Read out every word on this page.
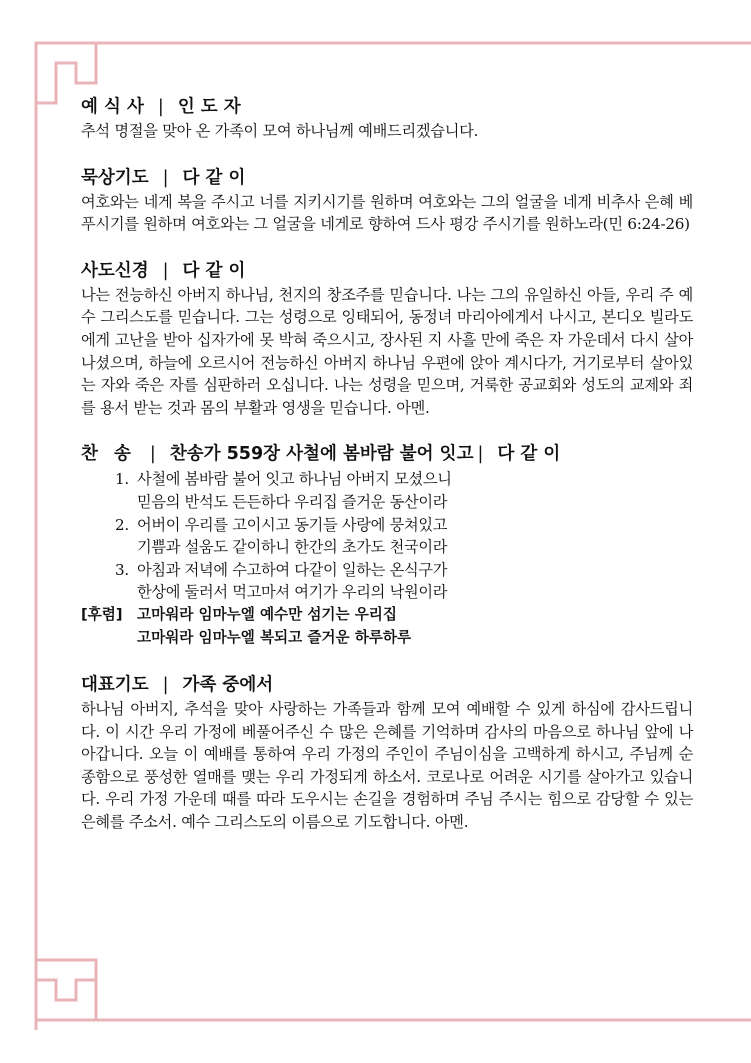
예 식 사 | 인 도 자

추석 명절을 맞아 온 가족이 모여 하나님께 예배드리겠습니다.

묵상기도 | 다 같 이

여호와는 네게 복을 주시고 너를 지키시기를 원하며 여호와는 그의 얼굴을 네게 비추사 은혜 베푸시기를 원하며 여호와는 그 얼굴을 네게로 향하여 드사 평강 주시기를 원하노라(민 6:24-26)

사도신경 | 다 같 이

나는 전능하신 아버지 하나님, 천지의 창조주를 믿습니다. 나는 그의 유일하신 아들, 우리 주 예수 그리스도를 믿습니다. 그는 성령으로 잉태되어, 동정녀 마리아에게서 나시고, 본디오 빌라도에게 고난을 받아 십자가에 못 박혀 죽으시고, 장사된 지 사흘 만에 죽은 자 가운데서 다시 살아나셨으며, 하늘에 오르시어 전능하신 아버지 하나님 우편에 앉아 계시다가, 거기로부터 살아있는 자와 죽은 자를 심판하러 오십니다. 나는 성령을 믿으며, 거룩한 공교회와 성도의 교제와 죄를 용서 받는 것과 몸의 부활과 영생을 믿습니다. 아멘.

찬 송 | 찬송가 559장 사철에 봄바람 불어 잇고 | 다 같 이
1. 사철에 봄바람 불어 잇고 하나님 아버지 모셨으니
믿음의 반석도 든든하다 우리집 즐거운 동산이라
2. 어버이 우리를 고이시고 동기들 사랑에 뭉쳐있고
기쁨과 설움도 같이하니 한간의 초가도 천국이라
3. 아침과 저녁에 수고하여 다같이 일하는 온식구가
한상에 둘러서 먹고마셔 여기가 우리의 낙원이라
[후렴] 고마워라 임마누엘 예수만 섬기는 우리집
고마워라 임마누엘 복되고 즐거운 하루하루
대표기도 | 가족 중에서

하나님 아버지, 추석을 맞아 사랑하는 가족들과 함께 모여 예배할 수 있게 하심에 감사드립니다. 이 시간 우리 가정에 베풀어주신 수 많은 은혜를 기억하며 감사의 마음으로 하나님 앞에 나아갑니다. 오늘 이 예배를 통하여 우리 가정의 주인이 주님이심을 고백하게 하시고, 주님께 순종함으로 풍성한 열매를 맺는 우리 가정되게 하소서. 코로나로 어려운 시기를 살아가고 있습니다. 우리 가정 가운데 때를 따라 도우시는 손길을 경험하며 주님 주시는 힘으로 감당할 수 있는 은혜를 주소서. 예수 그리스도의 이름으로 기도합니다. 아멘.
